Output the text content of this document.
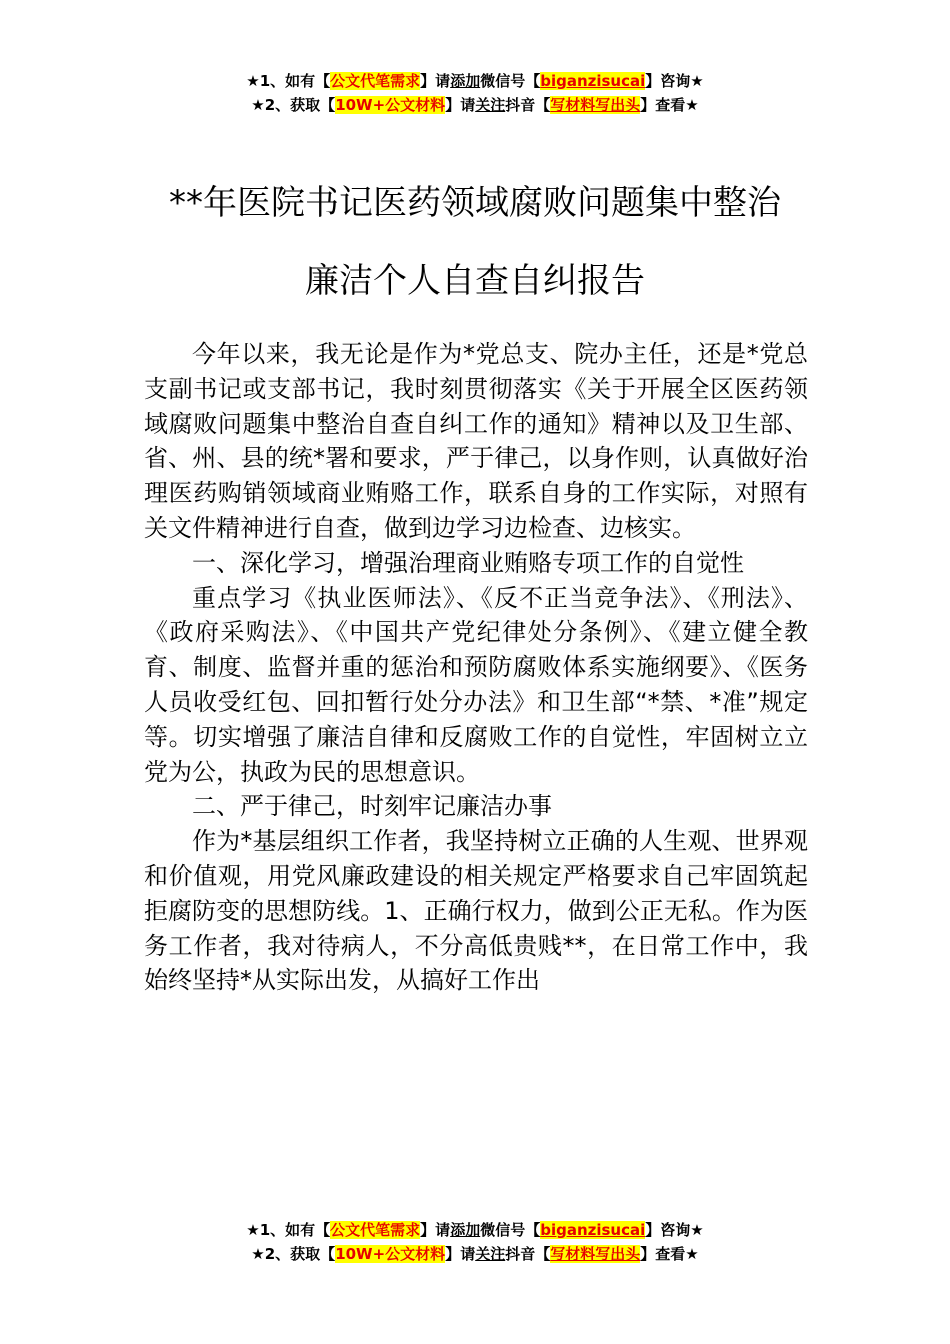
★1、如有【公文代笔需求】请添加微信号【biganzisucai】咨询★
★2、获取【10W+公文材料】请关注抖音【写材料写出头】查看★
**年医院书记医药领域腐败问题集中整治
廉洁个人自查自纠报告

今年以来，我无论是作为*党总支、院办主任，还是*党总支副书记或支部书记，我时刻贯彻落实《关于开展全区医药领域腐败问题集中整治自查自纠工作的通知》精神以及卫生部、省、州、县的统*署和要求，严于律己，以身作则，认真做好治理医药购销领域商业贿赂工作，联系自身的工作实际，对照有关文件精神进行自查，做到边学习边检查、边核实。

一、深化学习，增强治理商业贿赂专项工作的自觉性

重点学习《执业医师法》、《反不正当竞争法》、《刑法》、《政府采购法》、《中国共产党纪律处分条例》、《建立健全教育、制度、监督并重的惩治和预防腐败体系实施纲要》、《医务人员收受红包、回扣暂行处分办法》和卫生部“*禁、*准”规定等。切实增强了廉洁自律和反腐败工作的自觉性，牢固树立立党为公，执政为民的思想意识。

二、严于律己，时刻牢记廉洁办事

作为*基层组织工作者，我坚持树立正确的人生观、世界观和价值观，用党风廉政建设的相关规定严格要求自己牢固筑起拒腐防变的思想防线。1、正确行权力，做到公正无私。作为医务工作者，我对待病人，不分高低贵贱**，在日常工作中，我始终坚持*从实际出发，从搞好工作出

★1、如有【公文代笔需求】请添加微信号【biganzisucai】咨询★
★2、获取【10W+公文材料】请关注抖音【写材料写出头】查看★
